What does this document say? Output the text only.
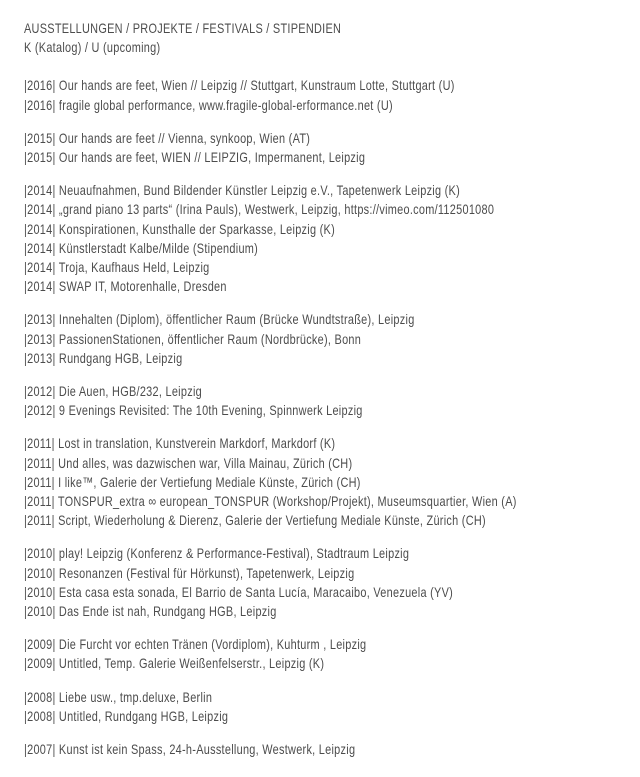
AUSSTELLUNGEN / PROJEKTE / FESTIVALS / STIPENDIEN
K (Katalog) / U (upcoming)
|2016| Our hands are feet, Wien // Leipzig // Stuttgart, Kunstraum Lotte, Stuttgart (U)
|2016| fragile global performance, www.fragile-global-erformance.net (U)
|2015| Our hands are feet // Vienna, synkoop, Wien (AT)
|2015| Our hands are feet, WIEN // LEIPZIG, Impermanent, Leipzig
|2014| Neuaufnahmen, Bund Bildender Künstler Leipzig e.V., Tapetenwerk Leipzig (K)
|2014| „grand piano 13 parts“ (Irina Pauls), Westwerk, Leipzig, https://vimeo.com/112501080
|2014| Konspirationen, Kunsthalle der Sparkasse, Leipzig (K)
|2014| Künstlerstadt Kalbe/Milde (Stipendium)
|2014| Troja, Kaufhaus Held, Leipzig
|2014| SWAP IT, Motorenhalle, Dresden
|2013| Innehalten (Diplom), öffentlicher Raum (Brücke Wundtstraße), Leipzig
|2013| PassionenStationen, öffentlicher Raum (Nordbrücke), Bonn
|2013| Rundgang HGB, Leipzig
|2012| Die Auen, HGB/232, Leipzig
|2012| 9 Evenings Revisited: The 10th Evening, Spinnwerk Leipzig
|2011| Lost in translation, Kunstverein Markdorf, Markdorf (K)
|2011| Und alles, was dazwischen war, Villa Mainau, Zürich (CH)
|2011| I like™, Galerie der Vertiefung Mediale Künste, Zürich (CH)
|2011| TONSPUR_extra ∞ european_TONSPUR (Workshop/Projekt), Museumsquartier, Wien (A)
|2011| Script, Wiederholung & Dierenz, Galerie der Vertiefung Mediale Künste, Zürich (CH)
|2010| play! Leipzig (Konferenz & Performance-Festival), Stadtraum Leipzig
|2010| Resonanzen (Festival für Hörkunst), Tapetenwerk, Leipzig
|2010| Esta casa esta sonada, El Barrio de Santa Lucía, Maracaibo, Venezuela (YV)
|2010| Das Ende ist nah, Rundgang HGB, Leipzig
|2009| Die Furcht vor echten Tränen (Vordiplom), Kuhturm , Leipzig
|2009| Untitled, Temp. Galerie Weißenfelserstr., Leipzig (K)
|2008| Liebe usw., tmp.deluxe, Berlin
|2008| Untitled, Rundgang HGB, Leipzig
|2007| Kunst ist kein Spass, 24-h-Ausstellung, Westwerk, Leipzig
